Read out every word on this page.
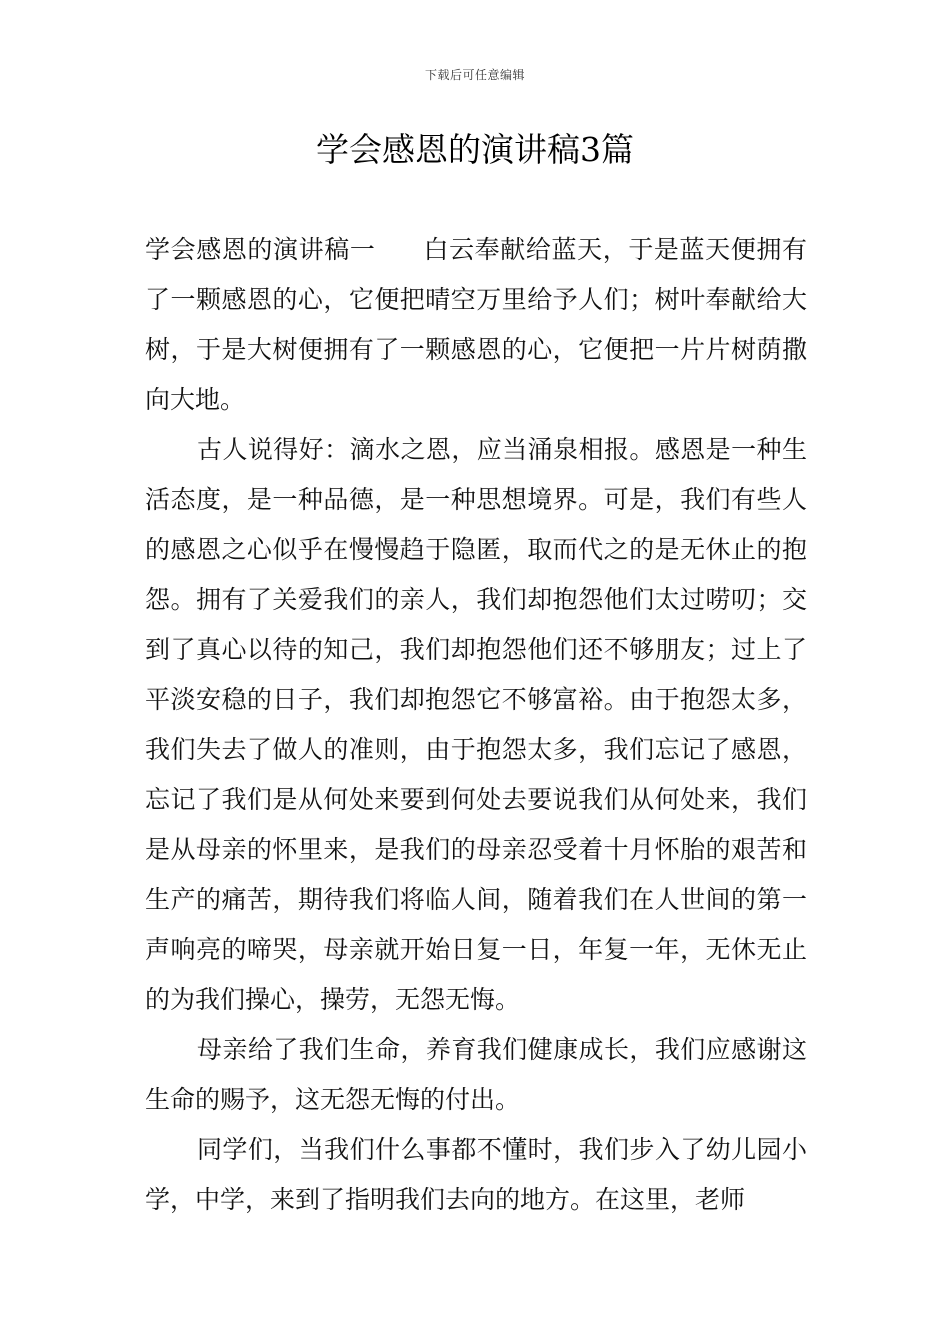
下载后可任意编辑
学会感恩的演讲稿3篇

学会感恩的演讲稿一 白云奉献给蓝天，于是蓝天便拥有了一颗感恩的心，它便把晴空万里给予人们；树叶奉献给大树，于是大树便拥有了一颗感恩的心，它便把一片片树荫撒向大地。

古人说得好：滴水之恩，应当涌泉相报。感恩是一种生活态度，是一种品德，是一种思想境界。可是，我们有些人的感恩之心似乎在慢慢趋于隐匿，取而代之的是无休止的抱怨。拥有了关爱我们的亲人，我们却抱怨他们太过唠叨；交到了真心以待的知己，我们却抱怨他们还不够朋友；过上了平淡安稳的日子，我们却抱怨它不够富裕。由于抱怨太多，我们失去了做人的准则，由于抱怨太多，我们忘记了感恩，忘记了我们是从何处来要到何处去要说我们从何处来，我们是从母亲的怀里来，是我们的母亲忍受着十月怀胎的艰苦和生产的痛苦，期待我们将临人间，随着我们在人世间的第一声响亮的啼哭，母亲就开始日复一日，年复一年，无休无止的为我们操心，操劳，无怨无悔。

母亲给了我们生命，养育我们健康成长，我们应感谢这生命的赐予，这无怨无悔的付出。

同学们，当我们什么事都不懂时，我们步入了幼儿园小学，中学，来到了指明我们去向的地方。在这里，老师
